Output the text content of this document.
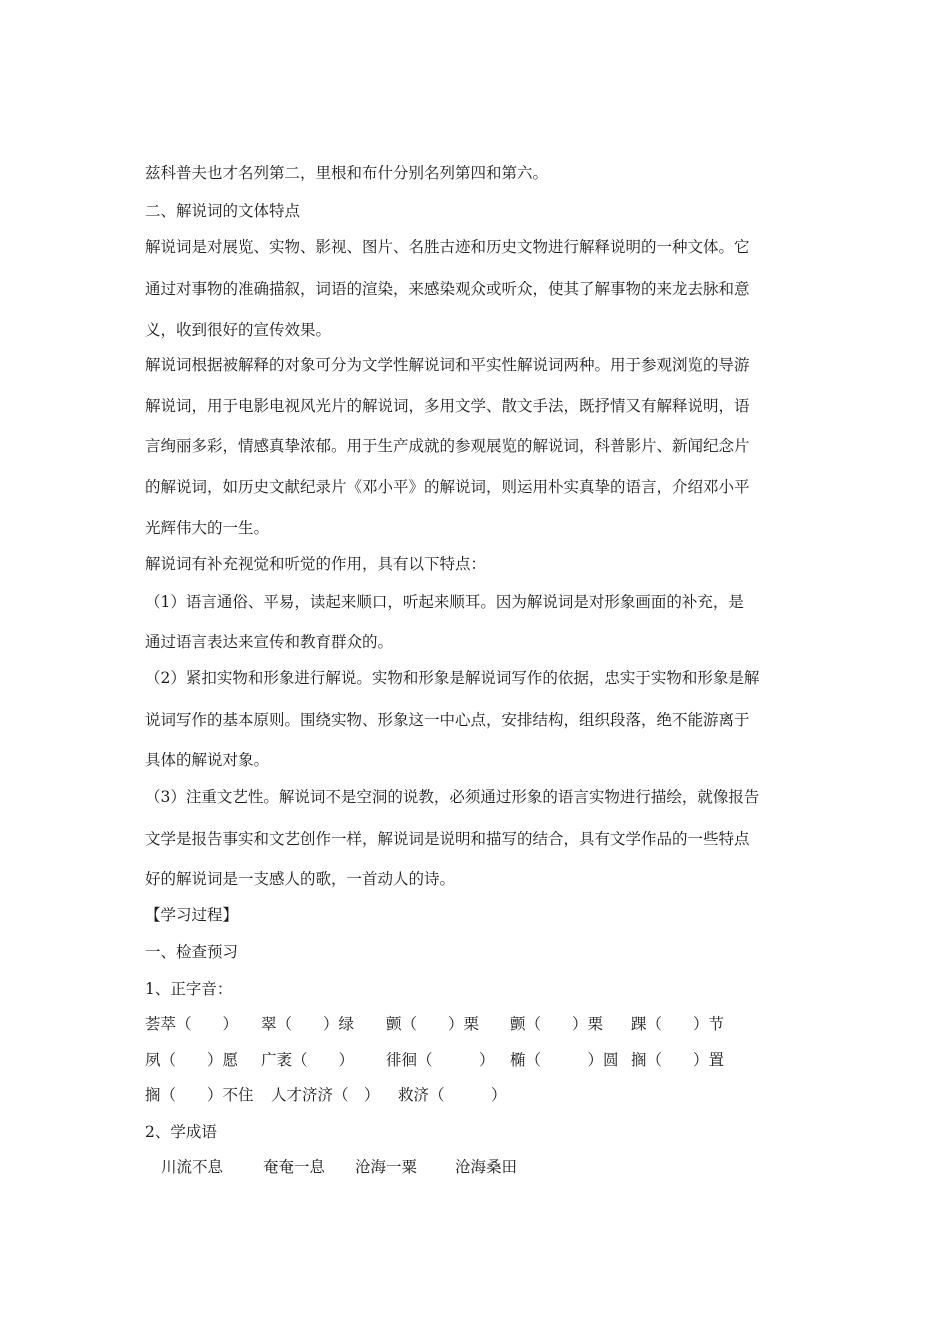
兹科普夫也才名列第二，里根和布什分别名列第四和第六。
二、解说词的文体特点
解说词是对展览、实物、影视、图片、名胜古迹和历史文物进行解释说明的一种文体。它
通过对事物的准确描叙，词语的渲染，来感染观众或听众，使其了解事物的来龙去脉和意
义，收到很好的宣传效果。
解说词根据被解释的对象可分为文学性解说词和平实性解说词两种。用于参观浏览的导游
解说词，用于电影电视风光片的解说词，多用文学、散文手法，既抒情又有解释说明，语
言绚丽多彩，情感真挚浓郁。用于生产成就的参观展览的解说词，科普影片、新闻纪念片
的解说词，如历史文献纪录片《邓小平》的解说词，则运用朴实真挚的语言，介绍邓小平
光辉伟大的一生。
解说词有补充视觉和听觉的作用，具有以下特点：
（1）语言通俗、平易，读起来顺口，听起来顺耳。因为解说词是对形象画面的补充，是
通过语言表达来宣传和教育群众的。
（2）紧扣实物和形象进行解说。实物和形象是解说词写作的依据，忠实于实物和形象是解
说词写作的基本原则。围绕实物、形象这一中心点，安排结构，组织段落，绝不能游离于
具体的解说对象。
（3）注重文艺性。解说词不是空洞的说教，必须通过形象的语言实物进行描绘，就像报告
文学是报告事实和文艺创作一样，解说词是说明和描写的结合，具有文学作品的一些特点
好的解说词是一支感人的歌，一首动人的诗。
【学习过程】
一、检查预习
1、正字音：
荟萃（　　） 翠（　　）绿 颤（　　）栗 颤（　　）栗 踝（　　）节
夙（　　）愿 广袤（　　） 徘徊（　　　） 椭（　　　）圆 搁（　　）置
搁（　　）不住 人才济济（　） 救济（　　　）
2、学成语
川流不息	奄奄一息 沧海一粟 沧海桑田
